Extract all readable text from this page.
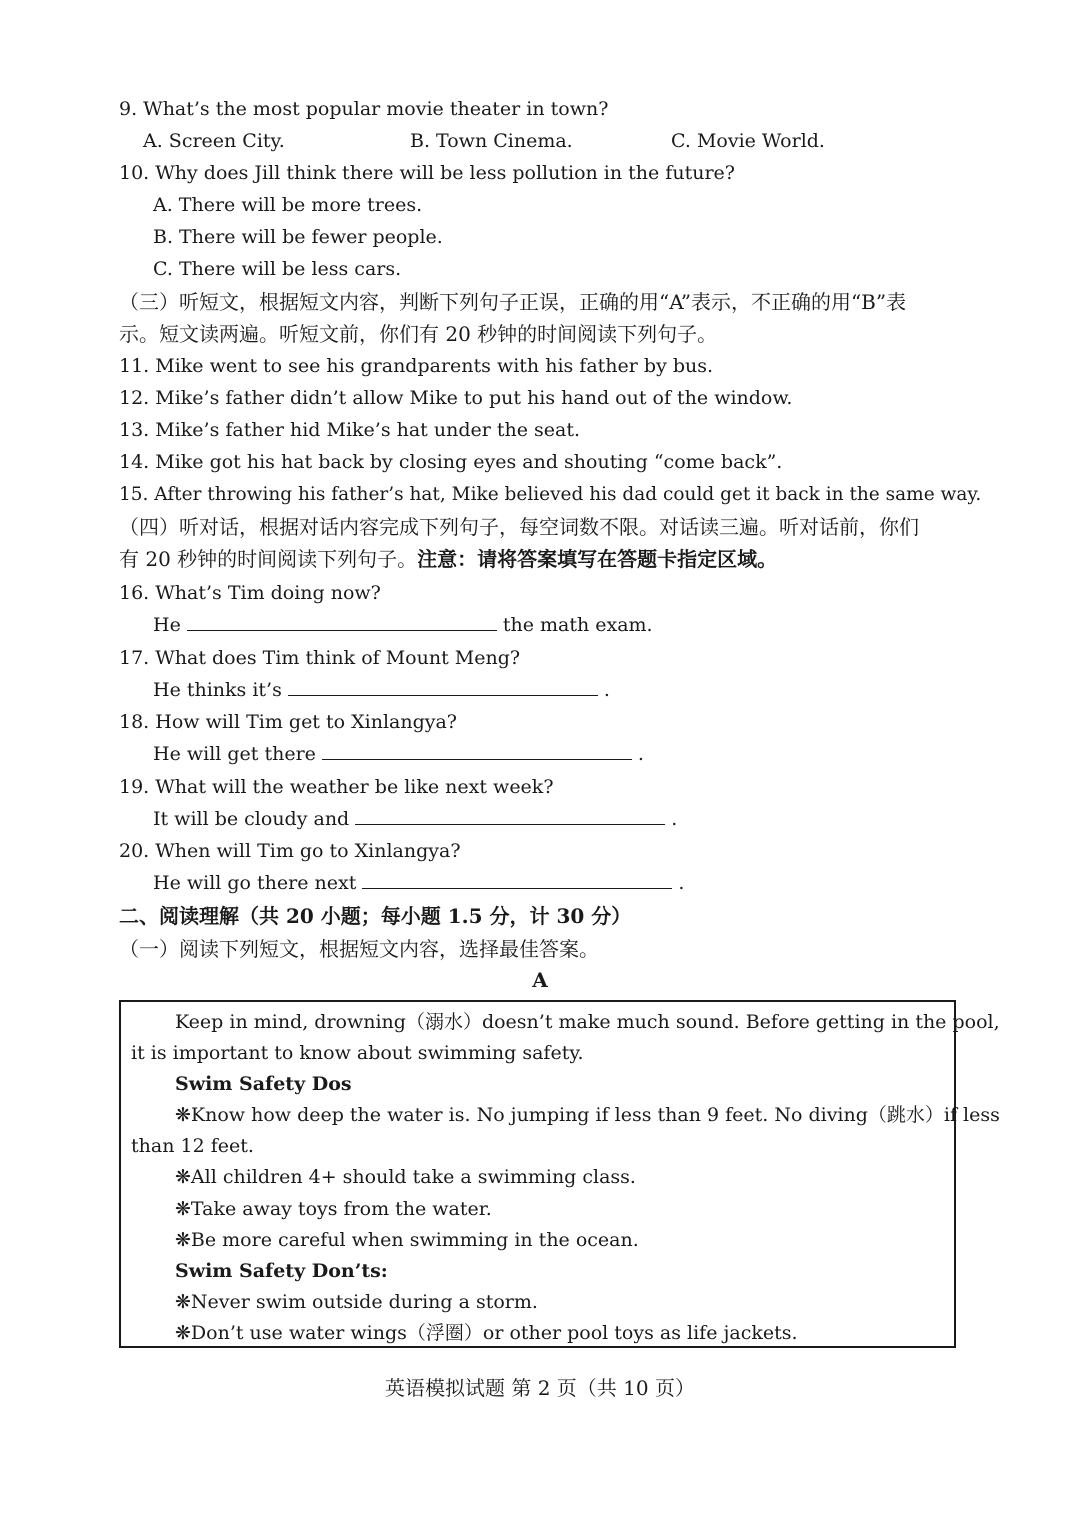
9. What’s the most popular movie theater in town?
A. Screen City.	B. Town Cinema.	C. Movie World.
10. Why does Jill think there will be less pollution in the future?
A. There will be more trees.
B. There will be fewer people.
C. There will be less cars.
（三）听短文，根据短文内容，判断下列句子正误，正确的用“A”表示，不正确的用“B”表
示。短文读两遍。听短文前，你们有 20 秒钟的时间阅读下列句子。
11. Mike went to see his grandparents with his father by bus.
12. Mike’s father didn’t allow Mike to put his hand out of the window.
13. Mike’s father hid Mike’s hat under the seat.
14. Mike got his hat back by closing eyes and shouting “come back”.
15. After throwing his father’s hat, Mike believed his dad could get it back in the same way.
（四）听对话，根据对话内容完成下列句子，每空词数不限。对话读三遍。听对话前，你们
有 20 秒钟的时间阅读下列句子。注意：请将答案填写在答题卡指定区域。
16. What’s Tim doing now?
He	the math exam.
17. What does Tim think of Mount Meng?
He thinks it’s	.
18. How will Tim get to Xinlangya?
He will get there	.
19. What will the weather be like next week?
It will be cloudy and	.
20. When will Tim go to Xinlangya?
He will go there next	.
二、阅读理解（共 20 小题；每小题 1.5 分，计 30 分）
（一）阅读下列短文，根据短文内容，选择最佳答案。
A
Keep in mind, drowning（溺水）doesn’t make much sound. Before getting in the pool,
it is important to know about swimming safety.
Swim Safety Dos
❋Know how deep the water is. No jumping if less than 9 feet. No diving（跳水）if less
than 12 feet.
❋All children 4+ should take a swimming class.
❋Take away toys from the water.
❋Be more careful when swimming in the ocean.
Swim Safety Don’ts:
❋Never swim outside during a storm.
❋Don’t use water wings（浮圈）or other pool toys as life jackets.
英语模拟试题 第 2 页（共 10 页）
